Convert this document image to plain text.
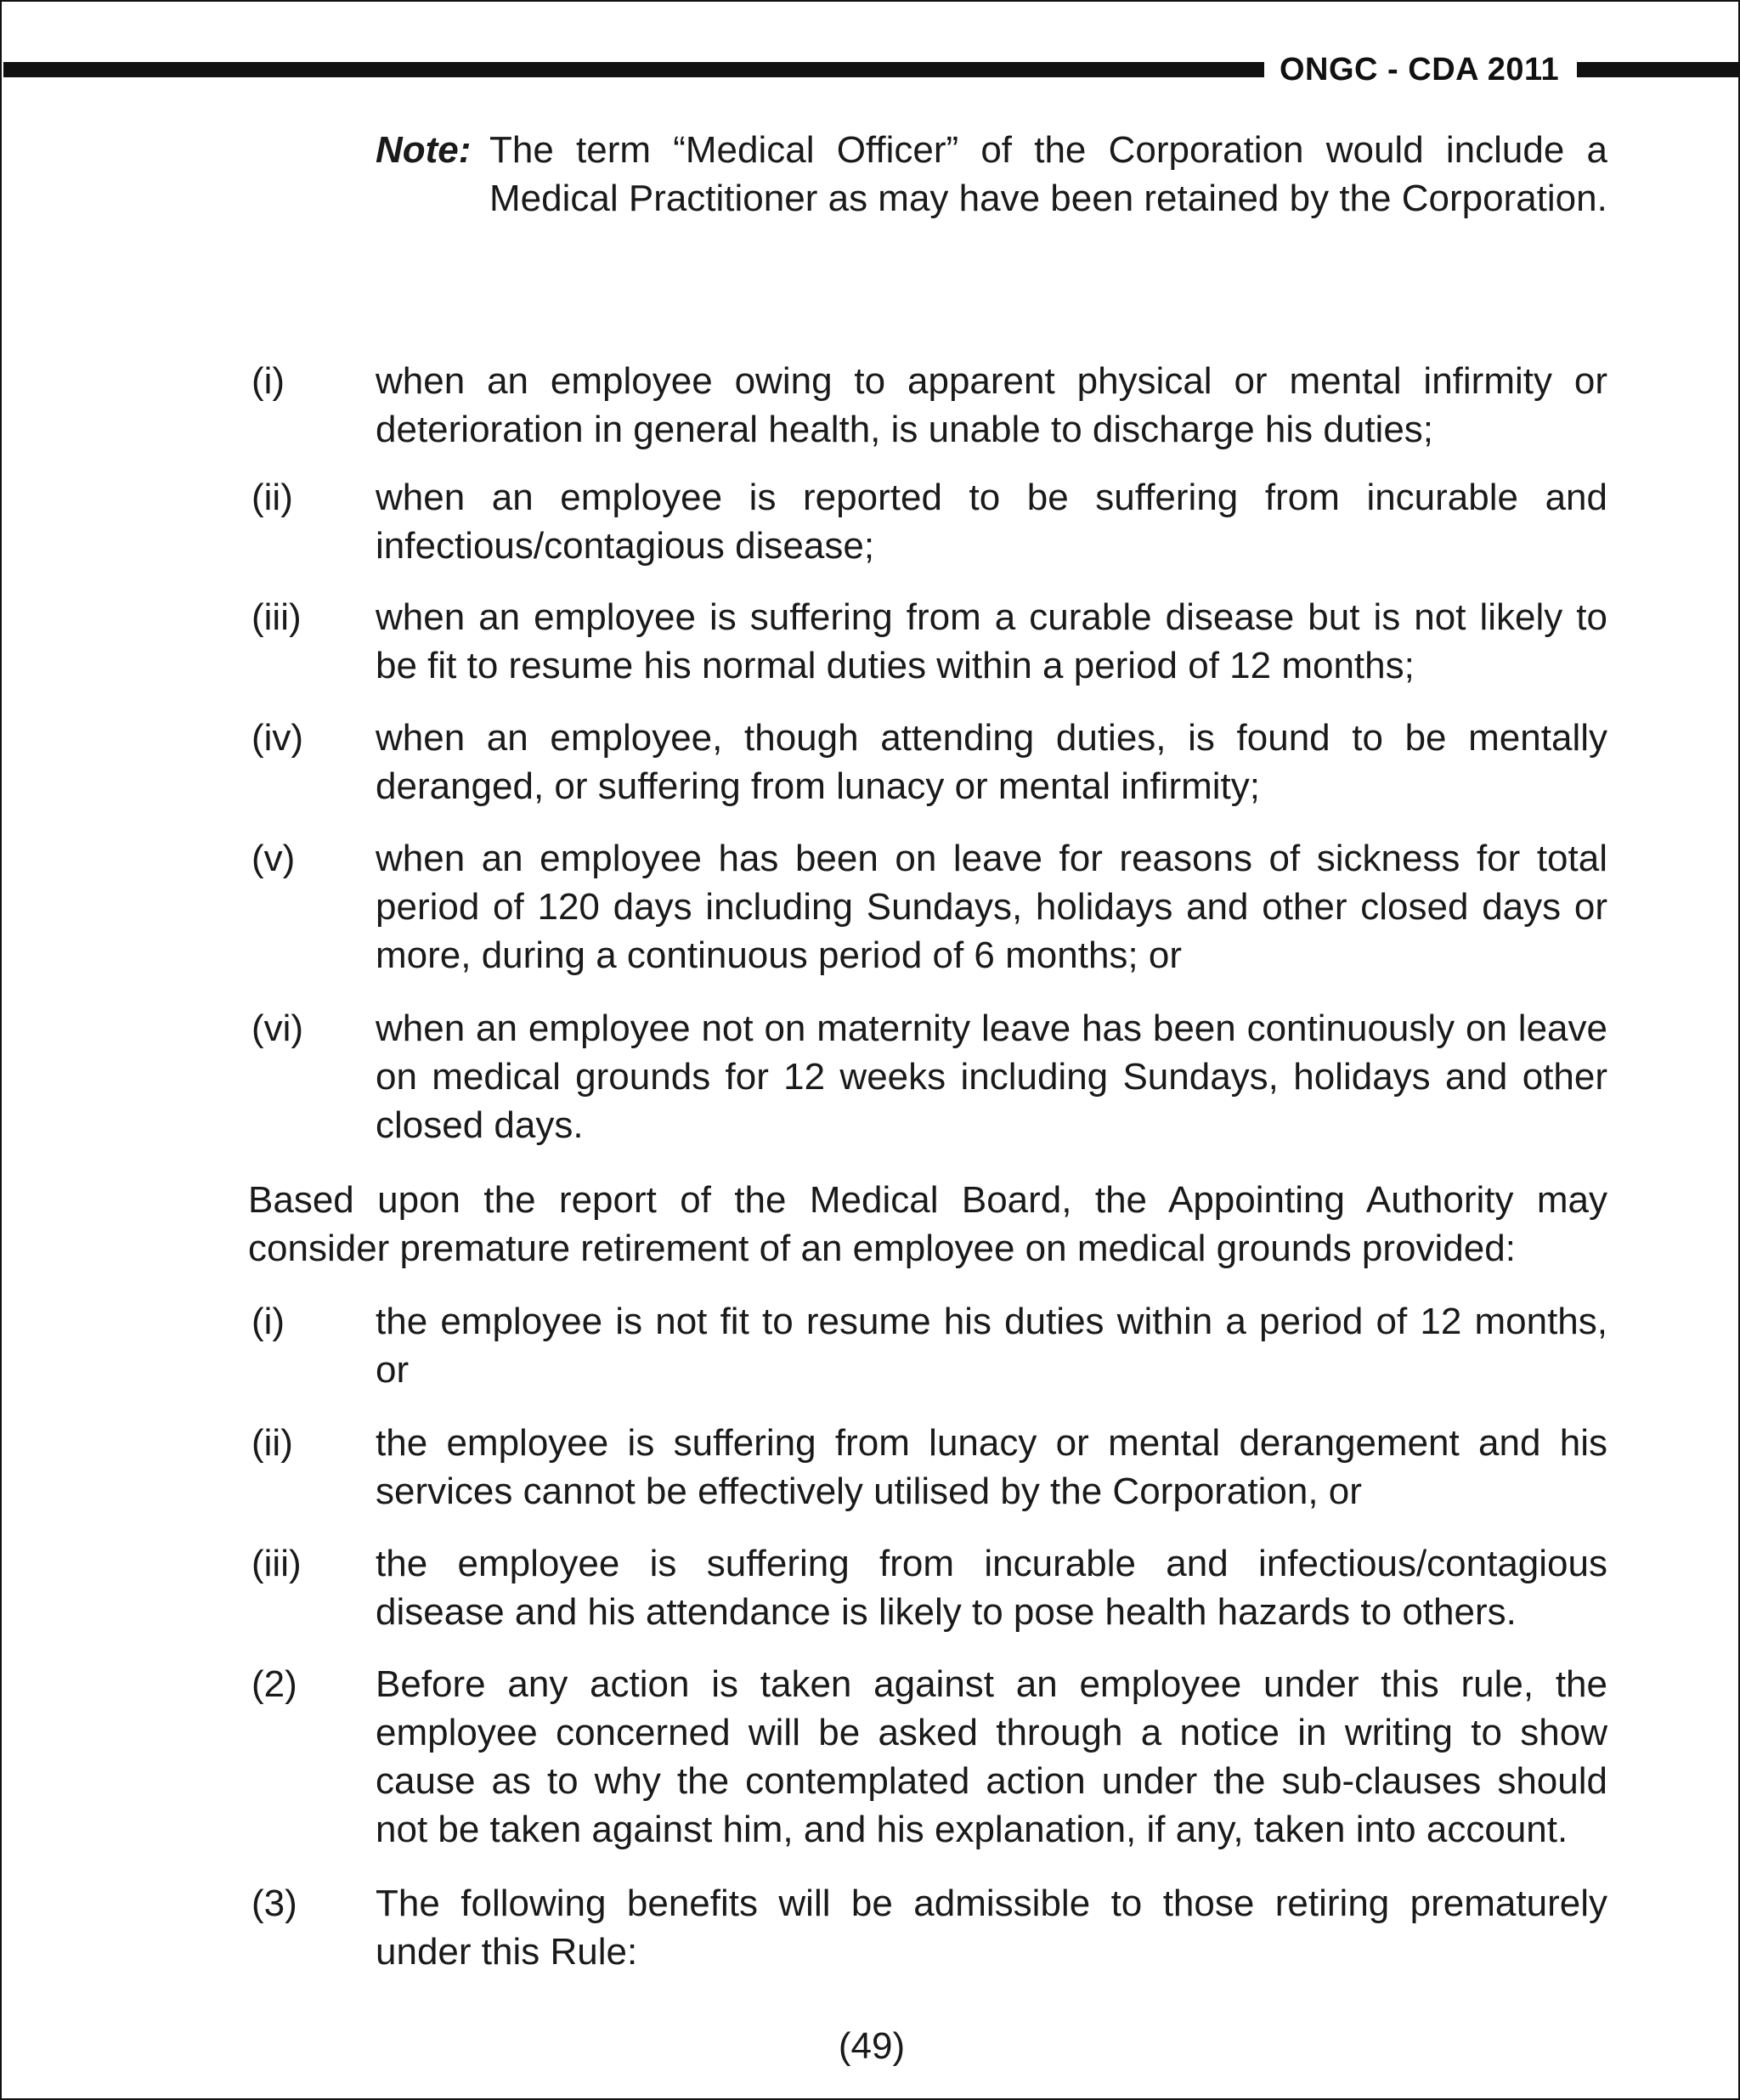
ONGC - CDA 2011
Note: The term “Medical Officer” of the Corporation would include a Medical Practitioner as may have been retained by the Corporation.
(i)	when an employee owing to apparent physical or mental infirmity or deterioration in general health, is unable to discharge his duties;
(ii)	when an employee is reported to be suffering from incurable and infectious/contagious disease;
(iii)	when an employee is suffering from a curable disease but is not likely to be fit to resume his normal duties within a period of 12 months;
(iv)	when an employee, though attending duties, is found to be mentally deranged, or suffering from lunacy or mental infirmity;
(v)	when an employee has been on leave for reasons of sickness for total period of 120 days including Sundays, holidays and other closed days or more, during a continuous period of 6 months; or
(vi)	when an employee not on maternity leave has been continuously on leave on medical grounds for 12 weeks including Sundays, holidays and other closed days.
Based upon the report of the Medical Board, the Appointing Authority may consider premature retirement of an employee on medical grounds provided:
(i)	the employee is not fit to resume his duties within a period of 12 months, or
(ii)	the employee is suffering from lunacy or mental derangement and his services cannot be effectively utilised by the Corporation, or
(iii)	the employee is suffering from incurable and infectious/contagious disease and his attendance is likely to pose health hazards to others.
(2)	Before any action is taken against an employee under this rule, the employee concerned will be asked through a notice in writing to show cause as to why the contemplated action under the sub-clauses should not be taken against him, and his explanation, if any, taken into account.
(3)	The following benefits will be admissible to those retiring prematurely under this Rule:
(49)
